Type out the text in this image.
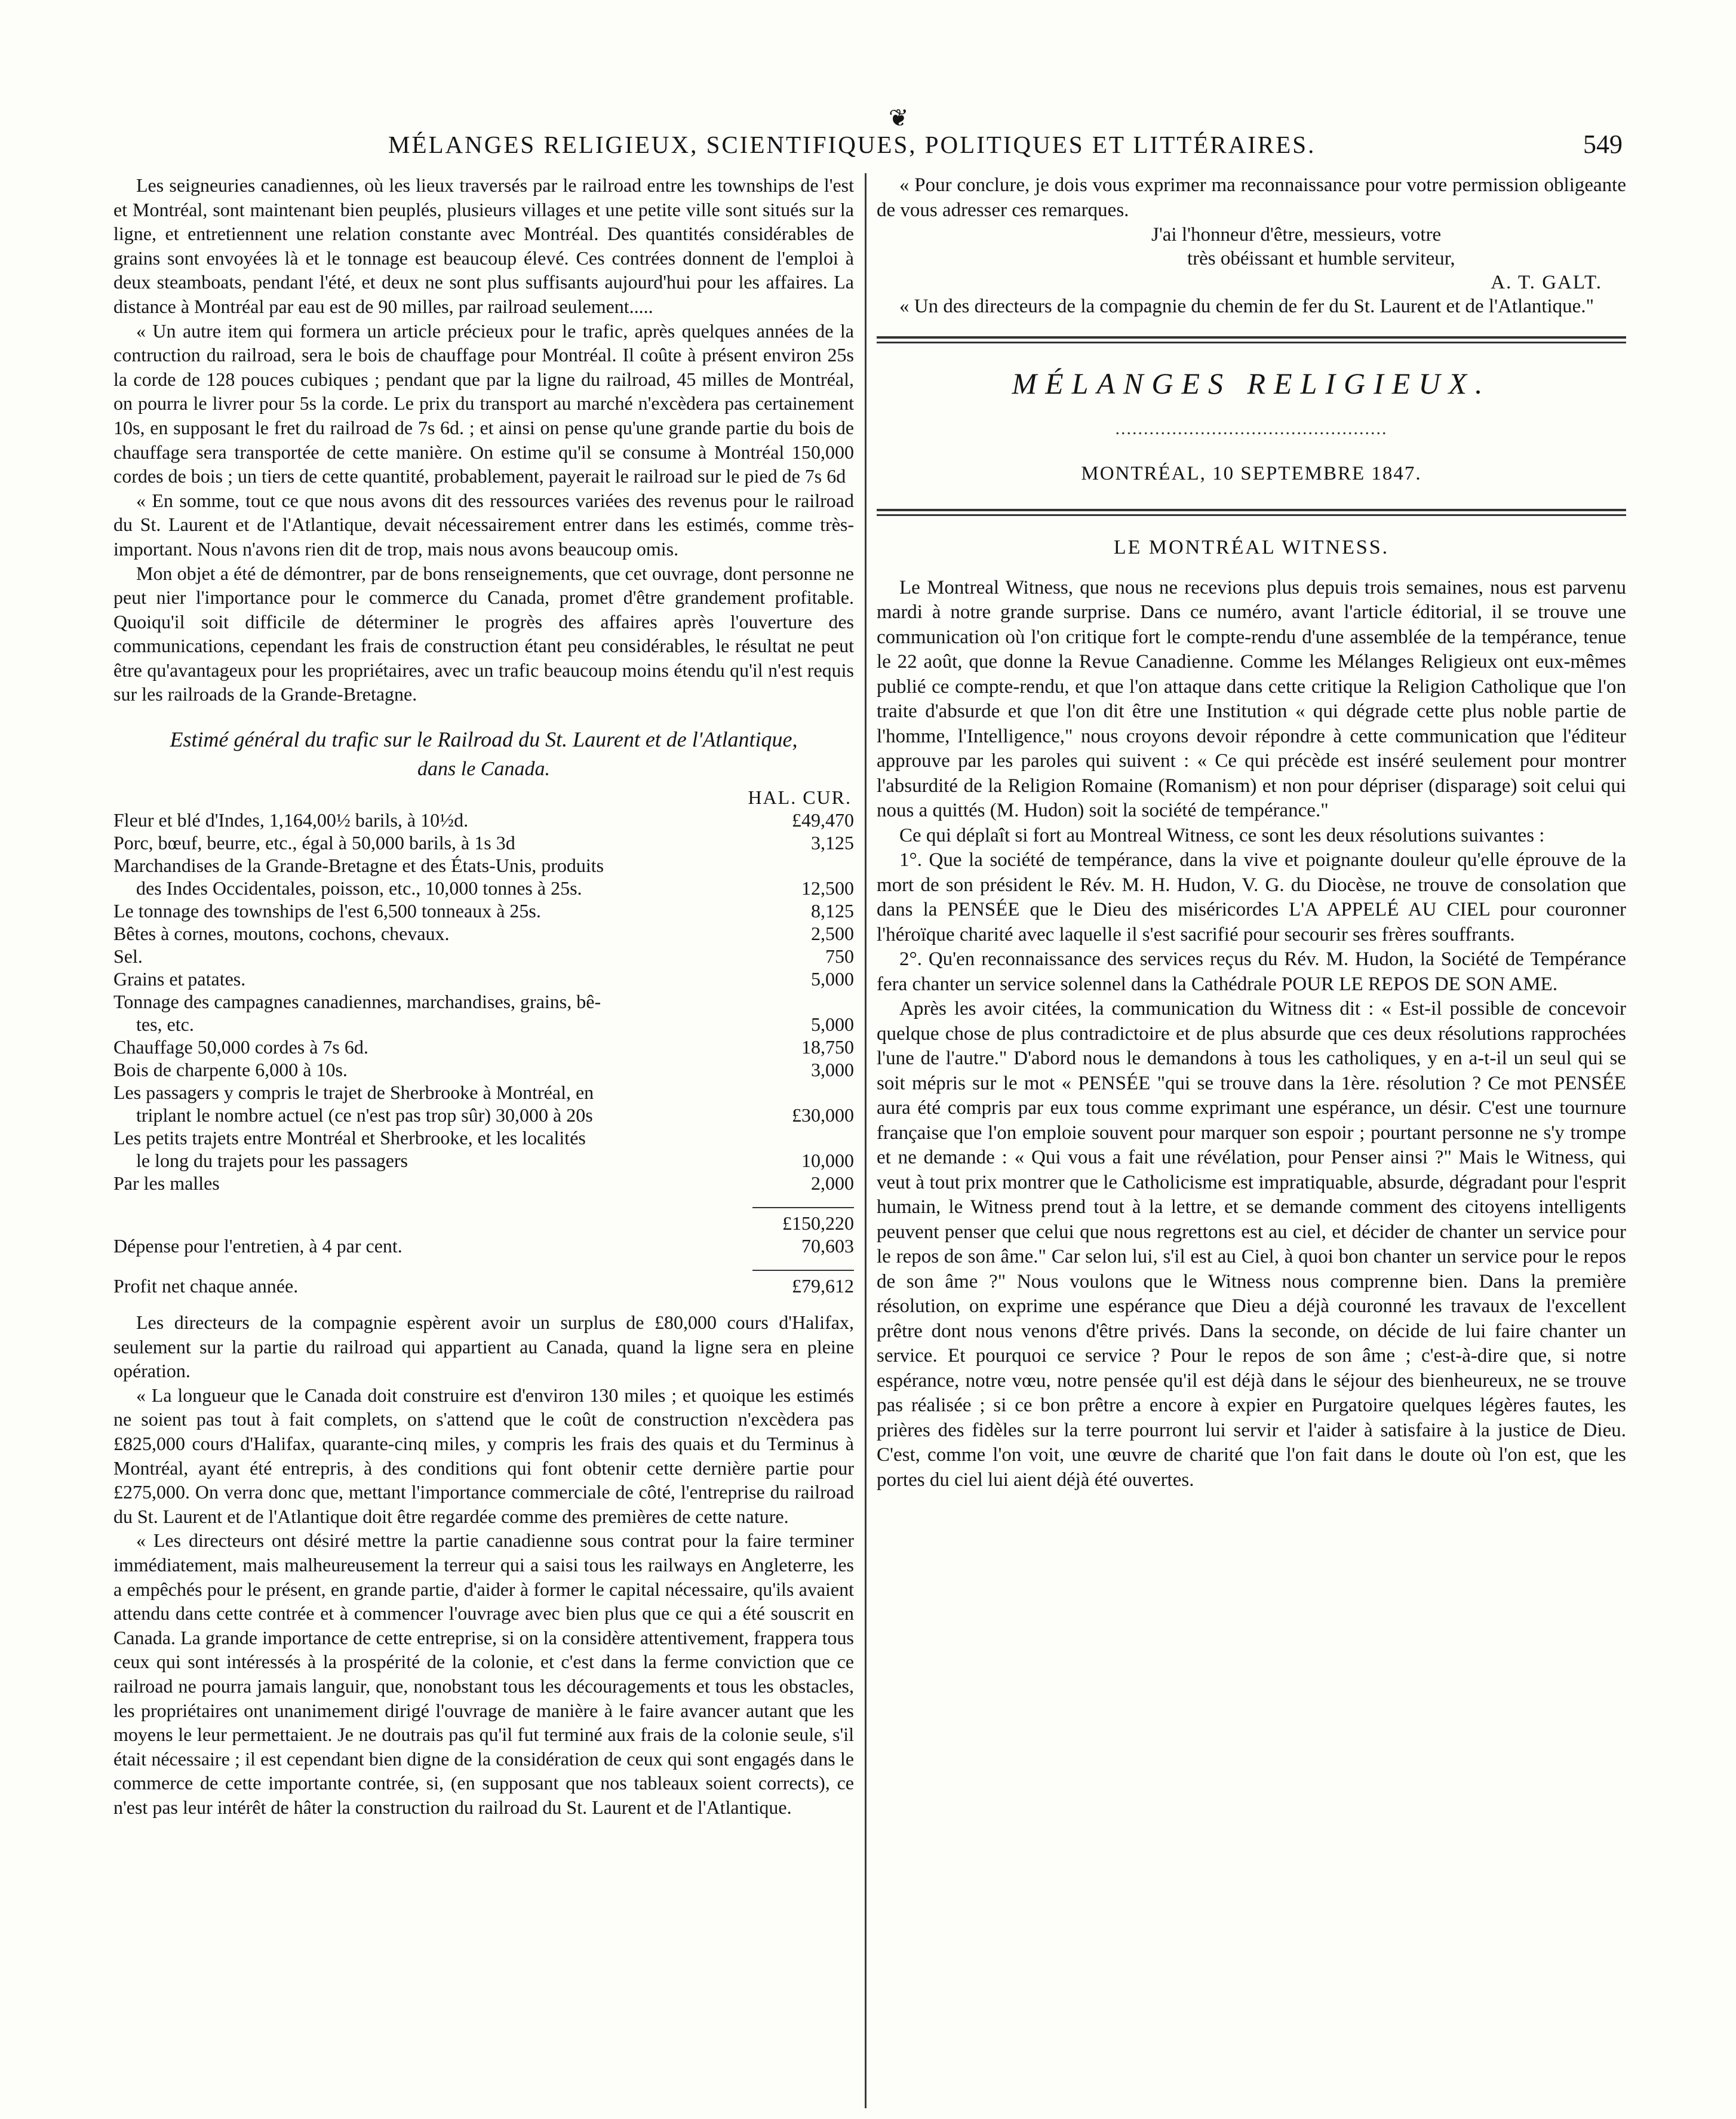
❦
MÉLANGES RELIGIEUX, SCIENTIFIQUES, POLITIQUES ET LITTÉRAIRES.	549

Les seigneuries canadiennes, où les lieux traversés par le railroad entre les townships de l'est et Montréal, sont maintenant bien peuplés, plusieurs villages et une petite ville sont situés sur la ligne, et entretiennent une relation constante avec Montréal. Des quantités considérables de grains sont envoyées là et le tonnage est beaucoup élevé. Ces contrées donnent de l'emploi à deux steamboats, pendant l'été, et deux ne sont plus suffisants aujourd'hui pour les affaires. La distance à Montréal par eau est de 90 milles, par railroad seulement.....

« Un autre item qui formera un article précieux pour le trafic, après quelques années de la contruction du railroad, sera le bois de chauffage pour Montréal. Il coûte à présent environ 25s la corde de 128 pouces cubiques ; pendant que par la ligne du railroad, 45 milles de Montréal, on pourra le livrer pour 5s la corde. Le prix du transport au marché n'excèdera pas certainement 10s, en supposant le fret du railroad de 7s 6d. ; et ainsi on pense qu'une grande partie du bois de chauffage sera transportée de cette manière. On estime qu'il se consume à Montréal 150,000 cordes de bois ; un tiers de cette quantité, probablement, payerait le railroad sur le pied de 7s 6d

« En somme, tout ce que nous avons dit des ressources variées des revenus pour le railroad du St. Laurent et de l'Atlantique, devait nécessairement entrer dans les estimés, comme très-important. Nous n'avons rien dit de trop, mais nous avons beaucoup omis.

Mon objet a été de démontrer, par de bons renseignements, que cet ouvrage, dont personne ne peut nier l'importance pour le commerce du Canada, promet d'être grandement profitable. Quoiqu'il soit difficile de déterminer le progrès des affaires après l'ouverture des communications, cependant les frais de construction étant peu considérables, le résultat ne peut être qu'avantageux pour les propriétaires, avec un trafic beaucoup moins étendu qu'il n'est requis sur les railroads de la Grande-Bretagne.

Estimé général du trafic sur le Railroad du St. Laurent et de l'Atlantique,
dans le Canada.
HAL. CUR.
Fleur et blé d'Indes, 1,164,00½ barils, à 10½d.	£49,470

Porc, bœuf, beurre, etc., égal à 50,000 barils, à 1s 3d	3,125

Marchandises de la Grande-Bretagne et des États-Unis, produits
des Indes Occidentales, poisson, etc., 10,000 tonnes à 25s.	12,500

Le tonnage des townships de l'est 6,500 tonneaux à 25s.	8,125

Bêtes à cornes, moutons, cochons, chevaux.	2,500

Sel.	750

Grains et patates.	5,000

Tonnage des campagnes canadiennes, marchandises, grains, bê-
tes, etc.	5,000

Chauffage 50,000 cordes à 7s 6d.	18,750

Bois de charpente 6,000 à 10s.	3,000

Les passagers y compris le trajet de Sherbrooke à Montréal, en
triplant le nombre actuel (ce n'est pas trop sûr) 30,000 à 20s	£30,000

Les petits trajets entre Montréal et Sherbrooke, et les localités
le long du trajets pour les passagers	10,000

Par les malles	2,000

	£150,220
Dépense pour l'entretien, à 4 par cent.	70,603

Profit net chaque année.	£79,612

Les directeurs de la compagnie espèrent avoir un surplus de £80,000 cours d'Halifax, seulement sur la partie du railroad qui appartient au Canada, quand la ligne sera en pleine opération.

« La longueur que le Canada doit construire est d'environ 130 miles ; et quoique les estimés ne soient pas tout à fait complets, on s'attend que le coût de construction n'excèdera pas £825,000 cours d'Halifax, quarante-cinq miles, y compris les frais des quais et du Terminus à Montréal, ayant été entrepris, à des conditions qui font obtenir cette dernière partie pour £275,000. On verra donc que, mettant l'importance commerciale de côté, l'entreprise du railroad du St. Laurent et de l'Atlantique doit être regardée comme des premières de cette nature.

« Les directeurs ont désiré mettre la partie canadienne sous contrat pour la faire terminer immédiatement, mais malheureusement la terreur qui a saisi tous les railways en Angleterre, les a empêchés pour le présent, en grande partie, d'aider à former le capital nécessaire, qu'ils avaient attendu dans cette contrée et à commencer l'ouvrage avec bien plus que ce qui a été souscrit en Canada. La grande importance de cette entreprise, si on la considère attentivement, frappera tous ceux qui sont intéressés à la prospérité de la colonie, et c'est dans la ferme conviction que ce railroad ne pourra jamais languir, que, nonobstant tous les découragements et tous les obstacles, les propriétaires ont unanimement dirigé l'ouvrage de manière à le faire avancer autant que les moyens le leur permettaient. Je ne doutrais pas qu'il fut terminé aux frais de la colonie seule, s'il était nécessaire ; il est cependant bien digne de la considération de ceux qui sont engagés dans le commerce de cette importante contrée, si, (en supposant que nos tableaux soient corrects), ce n'est pas leur intérêt de hâter la construction du railroad du St. Laurent et de l'Atlantique.

« Pour conclure, je dois vous exprimer ma reconnaissance pour votre permission obligeante de vous adresser ces remarques.

J'ai l'honneur d'être, messieurs, votre
très obéissant et humble serviteur,
A. T. GALT.

« Un des directeurs de la compagnie du chemin de fer du St. Laurent et de l'Atlantique."

MÉLANGES RELIGIEUX.
................................................
MONTRÉAL, 10 SEPTEMBRE 1847.
LE MONTRÉAL WITNESS.

Le Montreal Witness, que nous ne recevions plus depuis trois semaines, nous est parvenu mardi à notre grande surprise. Dans ce numéro, avant l'article éditorial, il se trouve une communication où l'on critique fort le compte-rendu d'une assemblée de la tempérance, tenue le 22 août, que donne la Revue Canadienne. Comme les Mélanges Religieux ont eux-mêmes publié ce compte-rendu, et que l'on attaque dans cette critique la Religion Catholique que l'on traite d'absurde et que l'on dit être une Institution « qui dégrade cette plus noble partie de l'homme, l'Intelligence," nous croyons devoir répondre à cette communication que l'éditeur approuve par les paroles qui suivent : « Ce qui précède est inséré seulement pour montrer l'absurdité de la Religion Romaine (Romanism) et non pour dépriser (disparage) soit celui qui nous a quittés (M. Hudon) soit la société de tempérance."

Ce qui déplaît si fort au Montreal Witness, ce sont les deux résolutions suivantes :

1°. Que la société de tempérance, dans la vive et poignante douleur qu'elle éprouve de la mort de son président le Rév. M. H. Hudon, V. G. du Diocèse, ne trouve de consolation que dans la PENSÉE que le Dieu des miséricordes L'A APPELÉ AU CIEL pour couronner l'héroïque charité avec laquelle il s'est sacrifié pour secourir ses frères souffrants.

2°. Qu'en reconnaissance des services reçus du Rév. M. Hudon, la Société de Tempérance fera chanter un service solennel dans la Cathédrale POUR LE REPOS DE SON AME.

Après les avoir citées, la communication du Witness dit : « Est-il possible de concevoir quelque chose de plus contradictoire et de plus absurde que ces deux résolutions rapprochées l'une de l'autre." D'abord nous le demandons à tous les catholiques, y en a-t-il un seul qui se soit mépris sur le mot « PENSÉE "qui se trouve dans la 1ère. résolution ? Ce mot PENSÉE aura été compris par eux tous comme exprimant une espérance, un désir. C'est une tournure française que l'on emploie souvent pour marquer son espoir ; pourtant personne ne s'y trompe et ne demande : « Qui vous a fait une révélation, pour Penser ainsi ?" Mais le Witness, qui veut à tout prix montrer que le Catholicisme est impratiquable, absurde, dégradant pour l'esprit humain, le Witness prend tout à la lettre, et se demande comment des citoyens intelligents peuvent penser que celui que nous regrettons est au ciel, et décider de chanter un service pour le repos de son âme." Car selon lui, s'il est au Ciel, à quoi bon chanter un service pour le repos de son âme ?" Nous voulons que le Witness nous comprenne bien. Dans la première résolution, on exprime une espérance que Dieu a déjà couronné les travaux de l'excellent prêtre dont nous venons d'être privés. Dans la seconde, on décide de lui faire chanter un service. Et pourquoi ce service ? Pour le repos de son âme ; c'est-à-dire que, si notre espérance, notre vœu, notre pensée qu'il est déjà dans le séjour des bienheureux, ne se trouve pas réalisée ; si ce bon prêtre a encore à expier en Purgatoire quelques légères fautes, les prières des fidèles sur la terre pourront lui servir et l'aider à satisfaire à la justice de Dieu. C'est, comme l'on voit, une œuvre de charité que l'on fait dans le doute où l'on est, que les portes du ciel lui aient déjà été ouvertes.
